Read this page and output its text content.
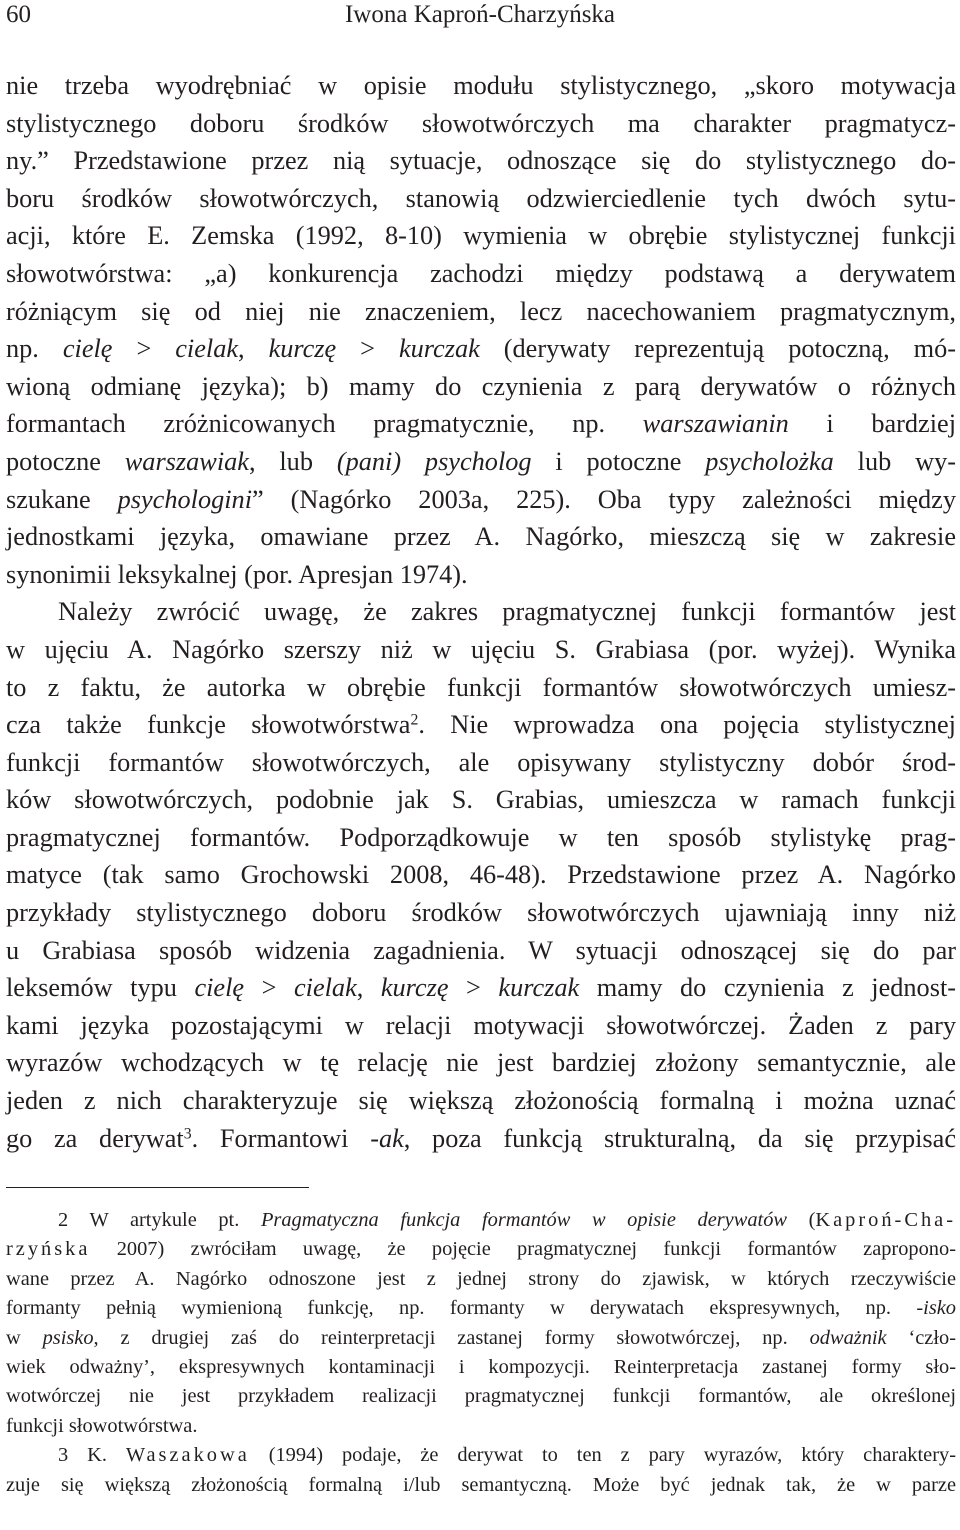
60	Iwona Kaproń-Charzyńska
nie trzeba wyodrębniać w opisie modułu stylistycznego, „skoro motywacja
stylistycznego doboru środków słowotwórczych ma charakter pragmatycz-
ny.” Przedstawione przez nią sytuacje, odnoszące się do stylistycznego do-
boru środków słowotwórczych, stanowią odzwierciedlenie tych dwóch sytu-
acji, które E. Zemska (1992, 8-10) wymienia w obrębie stylistycznej funkcji
słowotwórstwa: „a) konkurencja zachodzi między podstawą a derywatem
różniącym się od niej nie znaczeniem, lecz nacechowaniem pragmatycznym,
np. cielę > cielak, kurczę > kurczak (derywaty reprezentują potoczną, mó-
wioną odmianę języka); b) mamy do czynienia z parą derywatów o różnych
formantach zróżnicowanych pragmatycznie, np. warszawianin i bardziej
potoczne warszawiak, lub (pani) psycholog i potoczne psycholożka lub wy-
szukane psychologini” (Nagórko 2003a, 225). Oba typy zależności między
jednostkami języka, omawiane przez A. Nagórko, mieszczą się w zakresie
synonimii leksykalnej (por. Apresjan 1974).
Należy zwrócić uwagę, że zakres pragmatycznej funkcji formantów jest
w ujęciu A. Nagórko szerszy niż w ujęciu S. Grabiasa (por. wyżej). Wynika
to z faktu, że autorka w obrębie funkcji formantów słowotwórczych umiesz-
cza także funkcje słowotwórstwa$^2$. Nie wprowadza ona pojęcia stylistycznej
funkcji formantów słowotwórczych, ale opisywany stylistyczny dobór środ-
ków słowotwórczych, podobnie jak S. Grabias, umieszcza w ramach funkcji
pragmatycznej formantów. Podporządkowuje w ten sposób stylistykę prag-
matyce (tak samo Grochowski 2008, 46-48). Przedstawione przez A. Nagórko
przykłady stylistycznego doboru środków słowotwórczych ujawniają inny niż
u Grabiasa sposób widzenia zagadnienia. W sytuacji odnoszącej się do par
leksemów typu cielę > cielak, kurczę > kurczak mamy do czynienia z jednost-
kami języka pozostającymi w relacji motywacji słowotwórczej. Żaden z pary
wyrazów wchodzących w tę relację nie jest bardziej złożony semantycznie, ale
jeden z nich charakteryzuje się większą złożonością formalną i można uznać
go za derywat$^3$. Formantowi -ak, poza funkcją strukturalną, da się przypisać
2 W artykule pt. Pragmatyczna funkcja formantów w opisie derywatów (Kaproń-Cha-
rzyńska 2007) zwróciłam uwagę, że pojęcie pragmatycznej funkcji formantów zapropono-
wane przez A. Nagórko odnoszone jest z jednej strony do zjawisk, w których rzeczywiście
formanty pełnią wymienioną funkcję, np. formanty w derywatach ekspresywnych, np. -isko
w psisko, z drugiej zaś do reinterpretacji zastanej formy słowotwórczej, np. odważnik ‘czło-
wiek odważny’, ekspresywnych kontaminacji i kompozycji. Reinterpretacja zastanej formy sło-
wotwórczej nie jest przykładem realizacji pragmatycznej funkcji formantów, ale określonej
funkcji słowotwórstwa.
3 K. Waszakowa (1994) podaje, że derywat to ten z pary wyrazów, który charaktery-
zuje się większą złożonością formalną i/lub semantyczną. Może być jednak tak, że w parze
